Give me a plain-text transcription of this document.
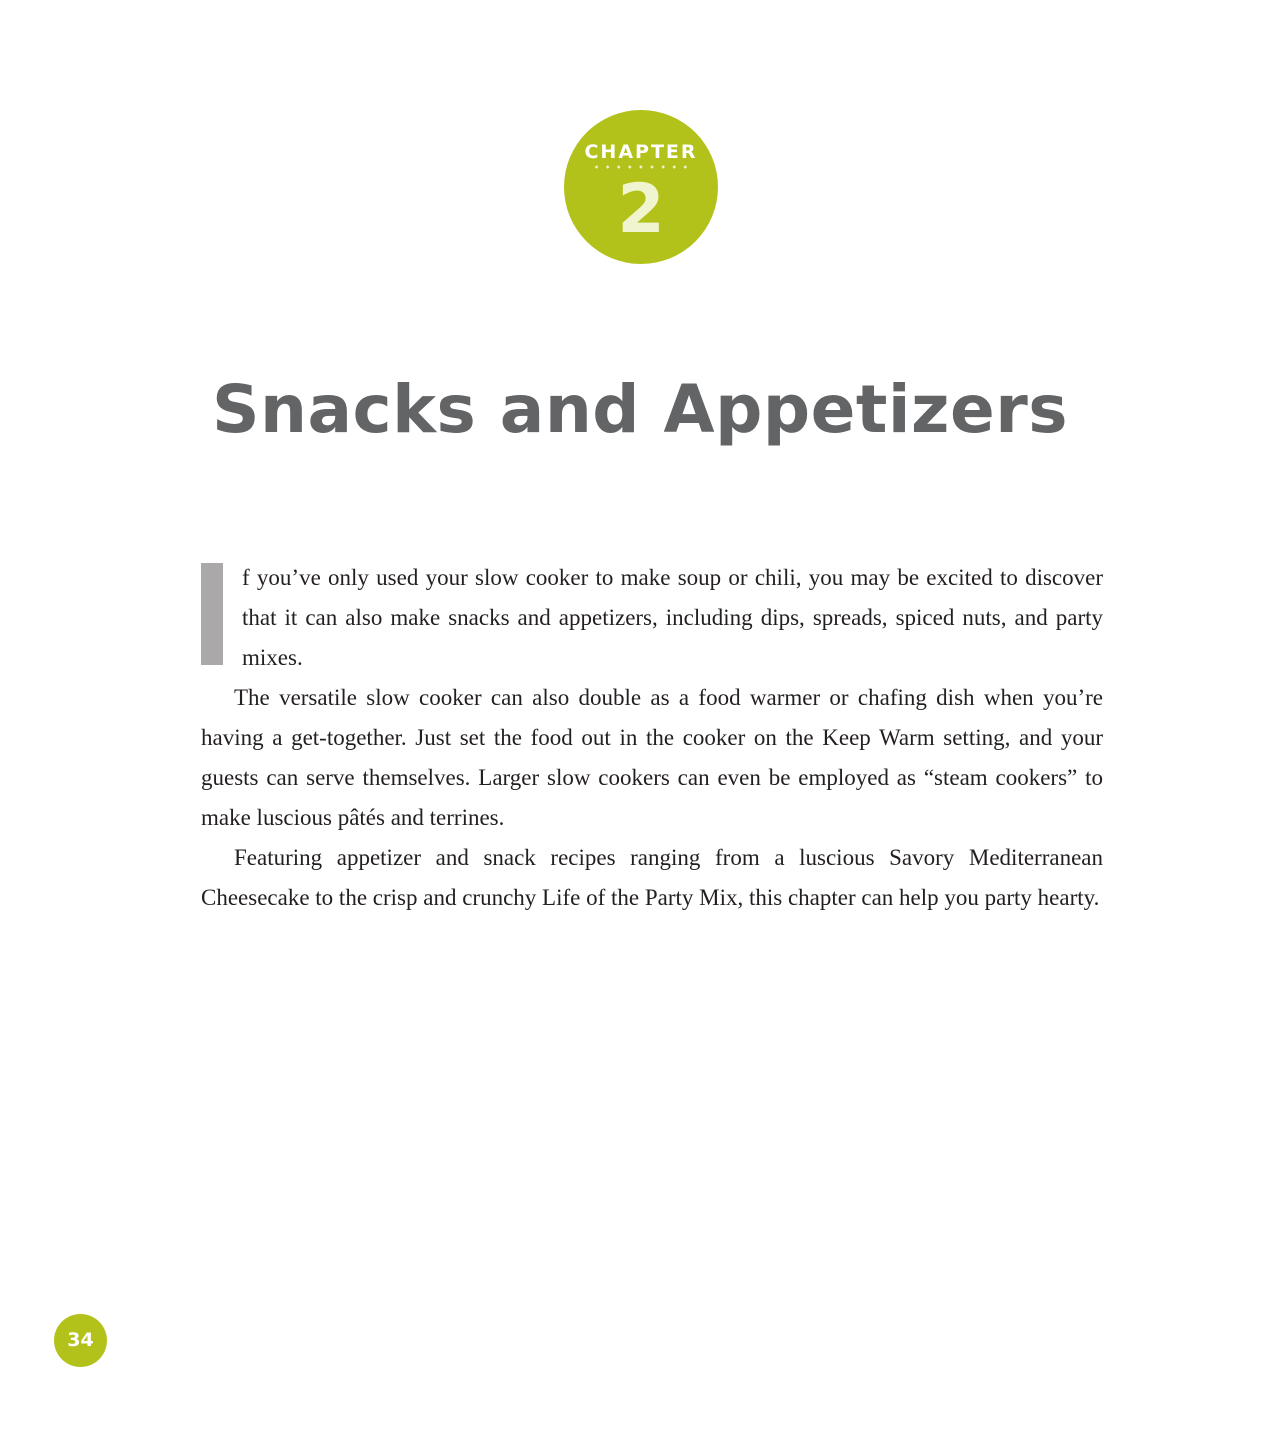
CHAPTER
2
Snacks and Appetizers

f you’ve only used your slow cooker to make soup or chili, you may be excited to discover that it can also make snacks and appetizers, including dips, spreads, spiced nuts, and party mixes.

The versatile slow cooker can also double as a food warmer or chafing dish when you’re having a get-together. Just set the food out in the cooker on the Keep Warm setting, and your guests can serve themselves. Larger slow cookers can even be employed as “steam cookers” to make luscious pâtés and terrines.

Featuring appetizer and snack recipes ranging from a luscious Savory Mediterranean Cheesecake to the crisp and crunchy Life of the Party Mix, this chapter can help you party hearty.

34
